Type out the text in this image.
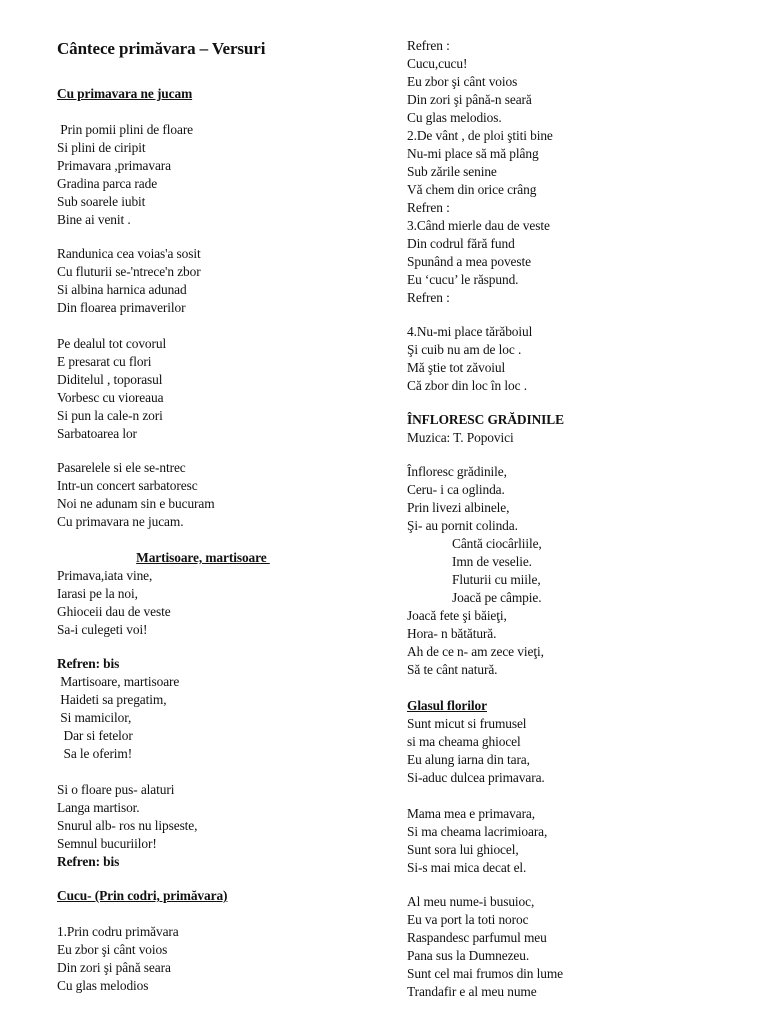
Cântece primăvara – Versuri
Cu primavara ne jucam
Prin pomii plini de floare
Si plini de ciripit
Primavara ,primavara
Gradina parca rade
Sub soarele iubit
Bine ai venit .
Randunica cea voias'a sosit
Cu fluturii se-'ntrece'n zbor
Si albina harnica adunad
Din floarea primaverilor
Pe dealul tot covorul
E presarat cu flori
Diditelul , toporasul
Vorbesc cu vioreaua
Si pun la cale-n zori
Sarbatoarea lor
Pasarelele si ele se-ntrec
Intr-un concert sarbatoresc
Noi ne adunam sin e bucuram
Cu primavara ne jucam.
Martisoare, martisoare
Primava,iata vine,
Iarasi pe la noi,
Ghiocеii dau de veste
Sa-i culegeti voi!
Refren: bis
Martisoare, martisoare
Haideti sa pregatim,
Si mamicilor,
Dar si fetelor
Sa le oferim!
Si o floare pus- alaturi
Langa martisor.
Snurul alb- ros nu lipseste,
Semnul bucuriilor!
Refren: bis
Cucu- (Prin codri, primăvara)
1.Prin codru primăvara
Eu zbor şi cânt voios
Din zori şi până seara
Cu glas melodios
Refren :
Cucu,cucu!
Eu zbor şi cânt voios
Din zori şi până-n seară
Cu glas melodios.
2.De vânt , de ploi ştiti bine
Nu-mi place să mă plâng
Sub zările senine
Vă chem din orice crâng
Refren :
3.Când mierle dau de veste
Din codrul fără fund
Spunând a mea poveste
Eu ‘cucu’ le răspund.
Refren :
4.Nu-mi place tărăboiul
Şi cuib nu am de loc .
Mă ştie tot zăvoiul
Că zbor din loc în loc .
ÎNFLORESC GRĂDINILE
Muzica: T. Popovici
Înfloresc grădinile,
Ceru- i ca oglinda.
Prin livezi albinele,
Şi- au pornit colinda.
Cântă ciocârliile,
Imn de veselie.
Fluturii cu miile,
Joacă pe câmpie.
Joacă fete şi băieţi,
Hora- n bătătură.
Ah de ce n- am zece vieţi,
Să te cânt natură.
Glasul florilor
Sunt micut si frumusel
si ma cheama ghiocel
Eu alung iarna din tara,
Si-aduc dulcea primavara.
Mama mea e primavara,
Si ma cheama lacrimioara,
Sunt sora lui ghiocel,
Si-s mai mica decat el.
Al meu nume-i busuioc,
Eu va port la toti noroc
Raspandesc parfumul meu
Pana sus la Dumnezeu.
Sunt cel mai frumos din lume
Trandafir e al meu nume
